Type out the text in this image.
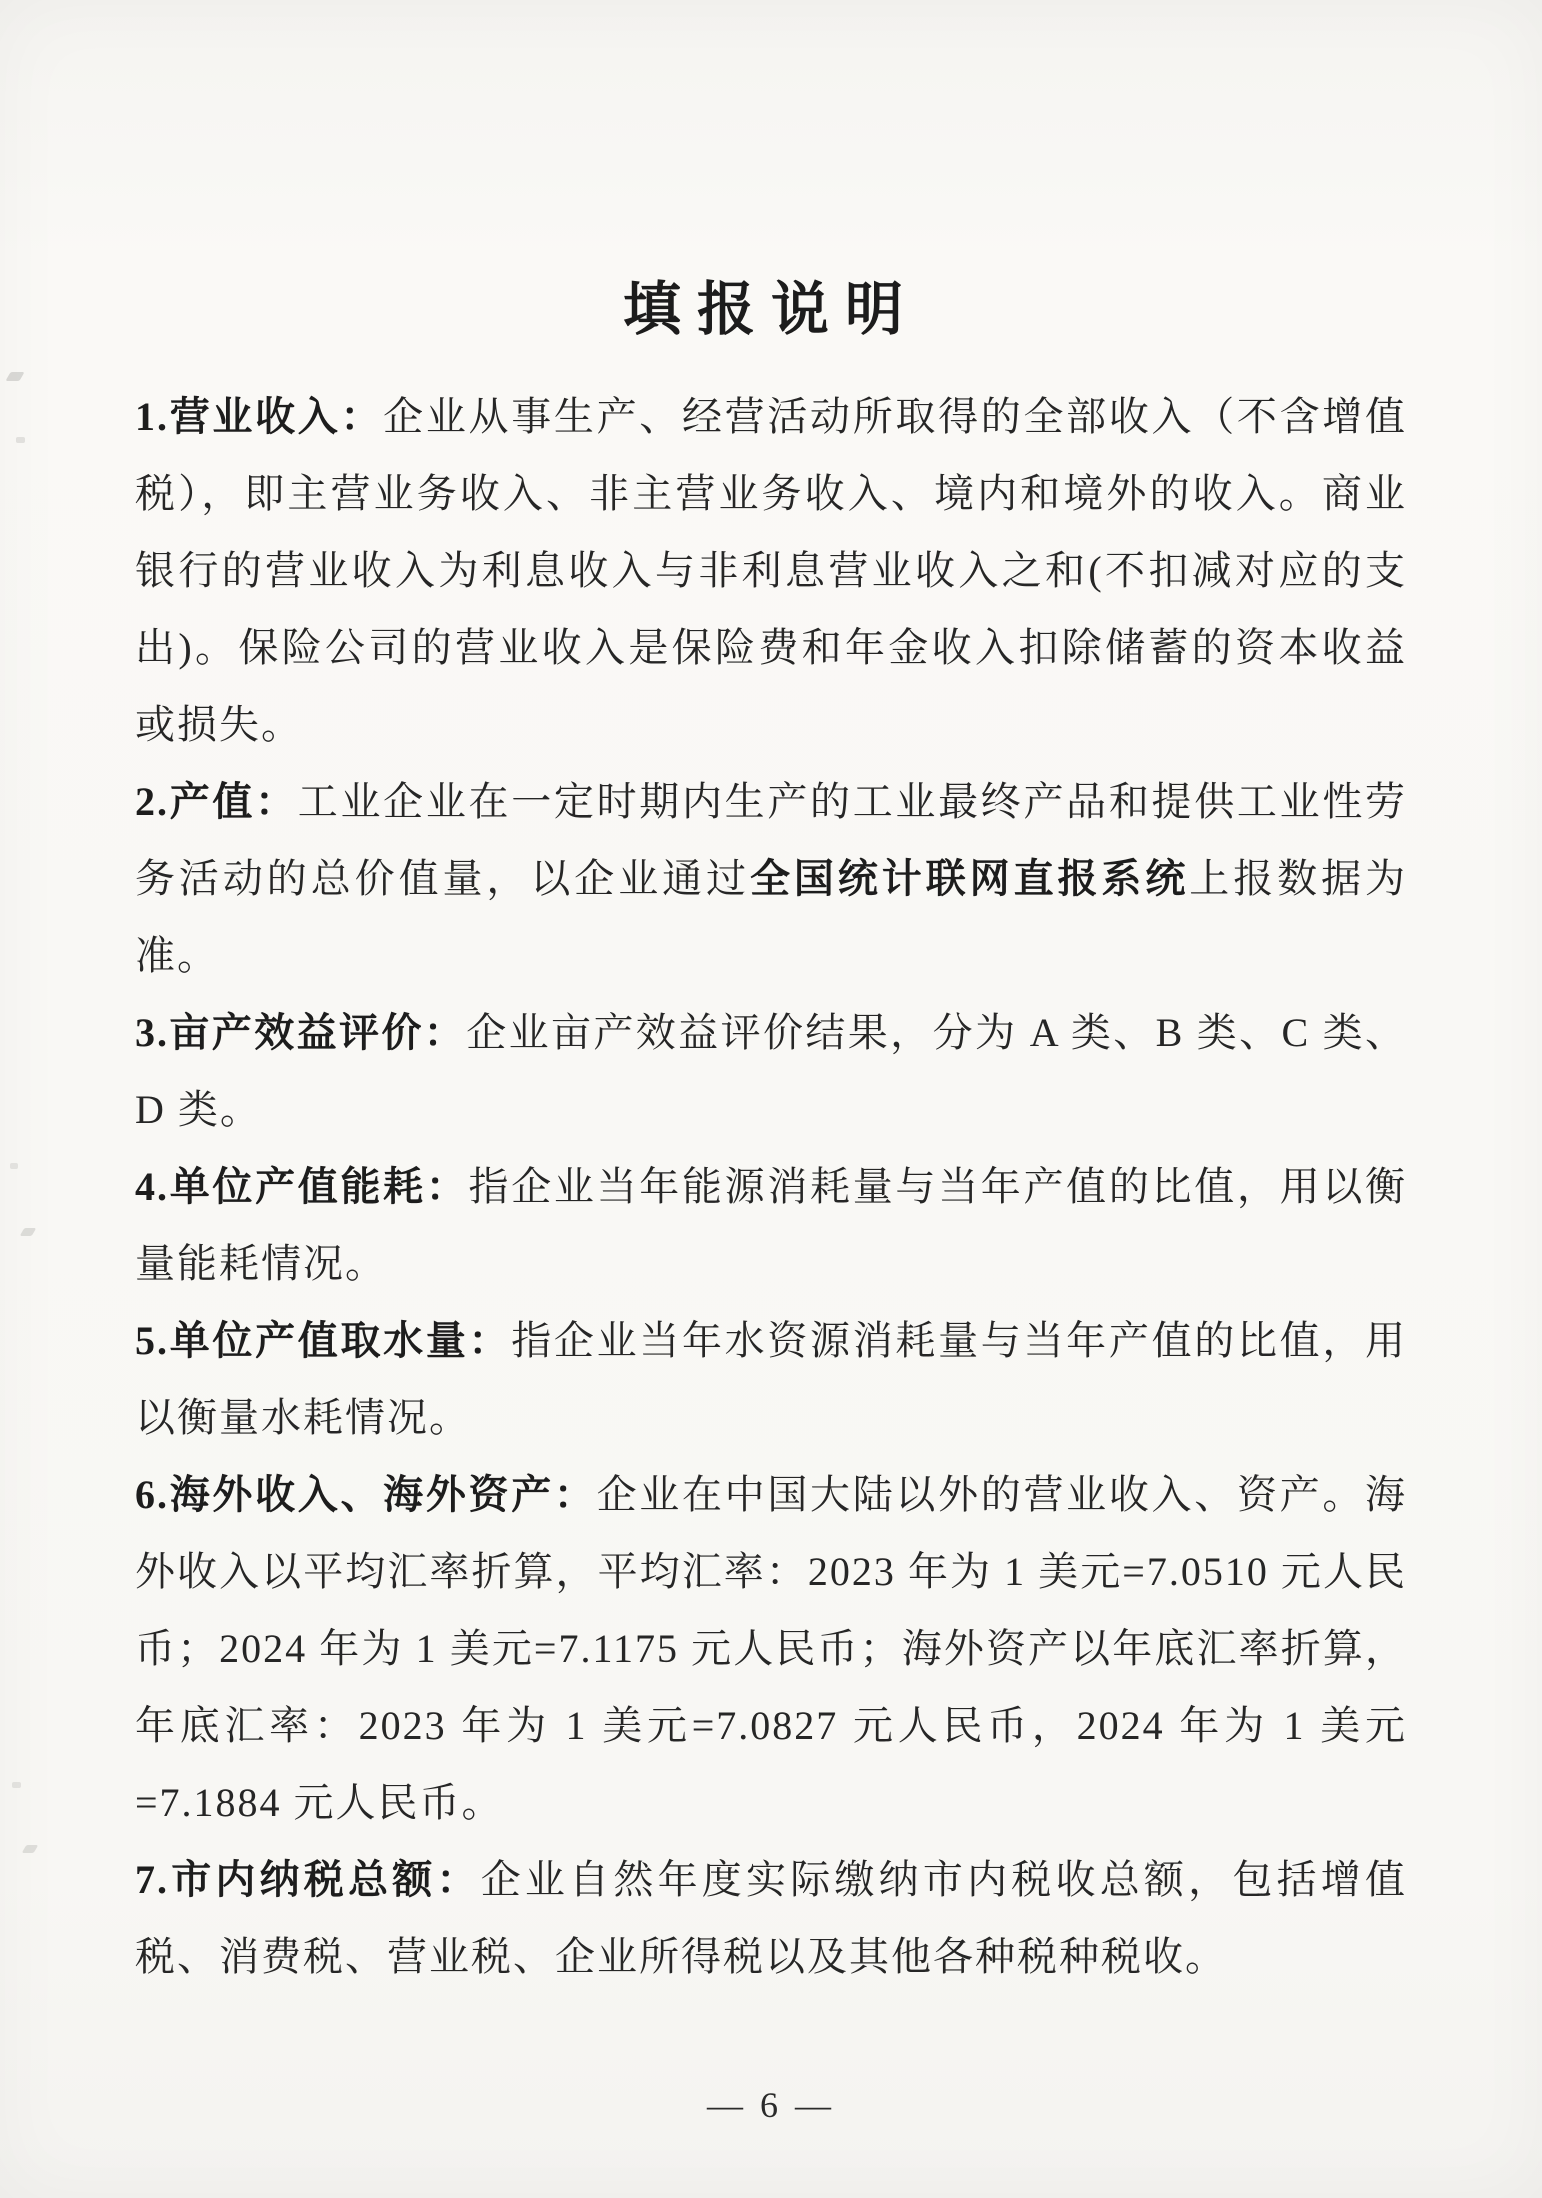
填报说明

1.营业收入：企业从事生产、经营活动所取得的全部收入（不含增值税），即主营业务收入、非主营业务收入、境内和境外的收入。商业银行的营业收入为利息收入与非利息营业收入之和(不扣减对应的支出)。保险公司的营业收入是保险费和年金收入扣除储蓄的资本收益或损失。

2.产值：工业企业在一定时期内生产的工业最终产品和提供工业性劳务活动的总价值量，以企业通过全国统计联网直报系统上报数据为准。

3.亩产效益评价：企业亩产效益评价结果，分为 A 类、B 类、C 类、D 类。

4.单位产值能耗：指企业当年能源消耗量与当年产值的比值，用以衡量能耗情况。

5.单位产值取水量：指企业当年水资源消耗量与当年产值的比值，用以衡量水耗情况。

6.海外收入、海外资产：企业在中国大陆以外的营业收入、资产。海外收入以平均汇率折算，平均汇率：2023 年为 1 美元=7.0510 元人民币；2024 年为 1 美元=7.1175 元人民币；海外资产以年底汇率折算，年底汇率：2023 年为 1 美元=7.0827 元人民币，2024 年为 1 美元=7.1884 元人民币。

7.市内纳税总额：企业自然年度实际缴纳市内税收总额，包括增值税、消费税、营业税、企业所得税以及其他各种税种税收。

— 6 —
